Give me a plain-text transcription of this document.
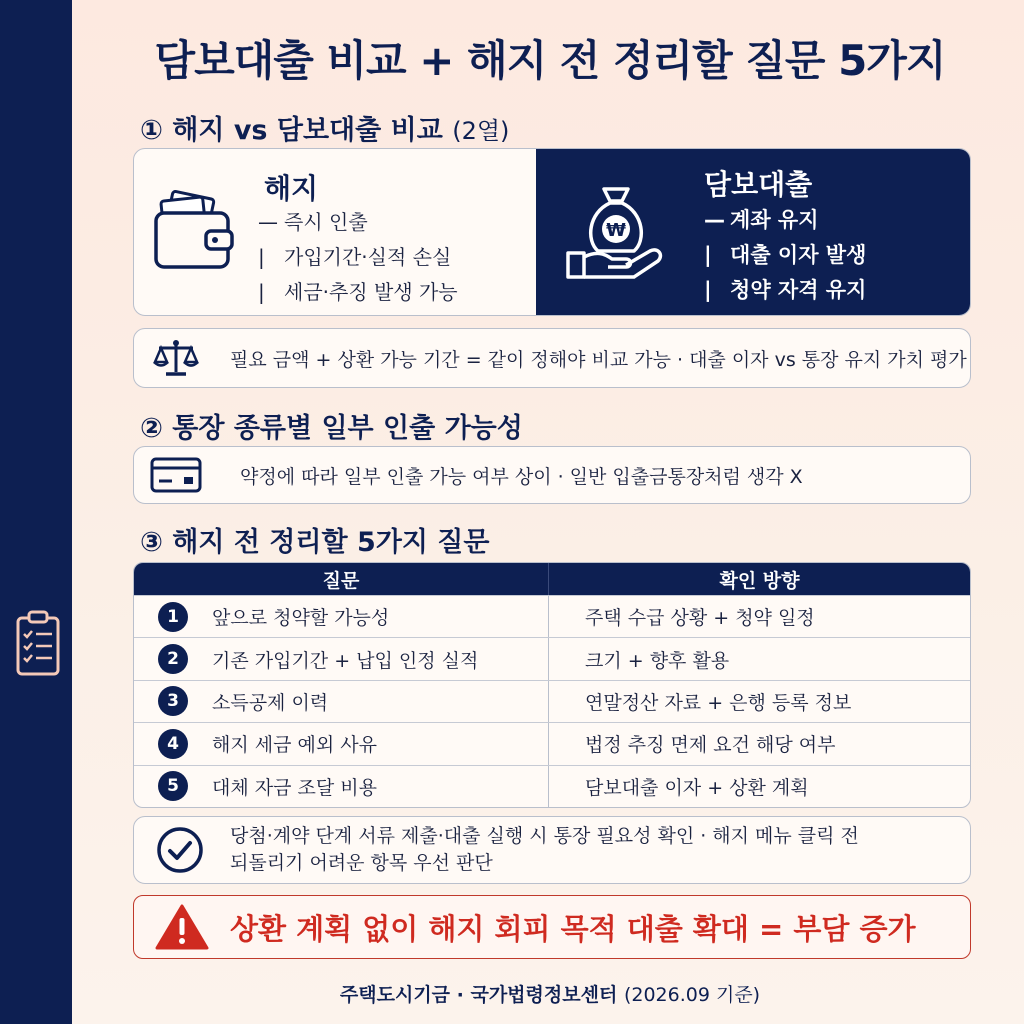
담보대출 비교 + 해지 전 정리할 질문 5가지
① 해지 vs 담보대출 비교 (2열)
해지
— 즉시 인출
| 가입기간·실적 손실
| 세금·추징 발생 가능
₩
담보대출
— 계좌 유지
| 대출 이자 발생
| 청약 자격 유지
필요 금액 + 상환 가능 기간 = 같이 정해야 비교 가능 · 대출 이자 vs 통장 유지 가치 평가
② 통장 종류별 일부 인출 가능성
약정에 따라 일부 인출 가능 여부 상이 · 일반 입출금통장처럼 생각 X
③ 해지 전 정리할 5가지 질문
질문	확인 방향
1	앞으로 청약할 가능성	주택 수급 상황 + 청약 일정
2	기존 가입기간 + 납입 인정 실적	크기 + 향후 활용
3	소득공제 이력	연말정산 자료 + 은행 등록 정보
4	해지 세금 예외 사유	법정 추징 면제 요건 해당 여부
5	대체 자금 조달 비용	담보대출 이자 + 상환 계획
당첨·계약 단계 서류 제출·대출 실행 시 통장 필요성 확인 · 해지 메뉴 클릭 전
되돌리기 어려운 항목 우선 판단
상환 계획 없이 해지 회피 목적 대출 확대 = 부담 증가
주택도시기금 · 국가법령정보센터 (2026.09 기준)
